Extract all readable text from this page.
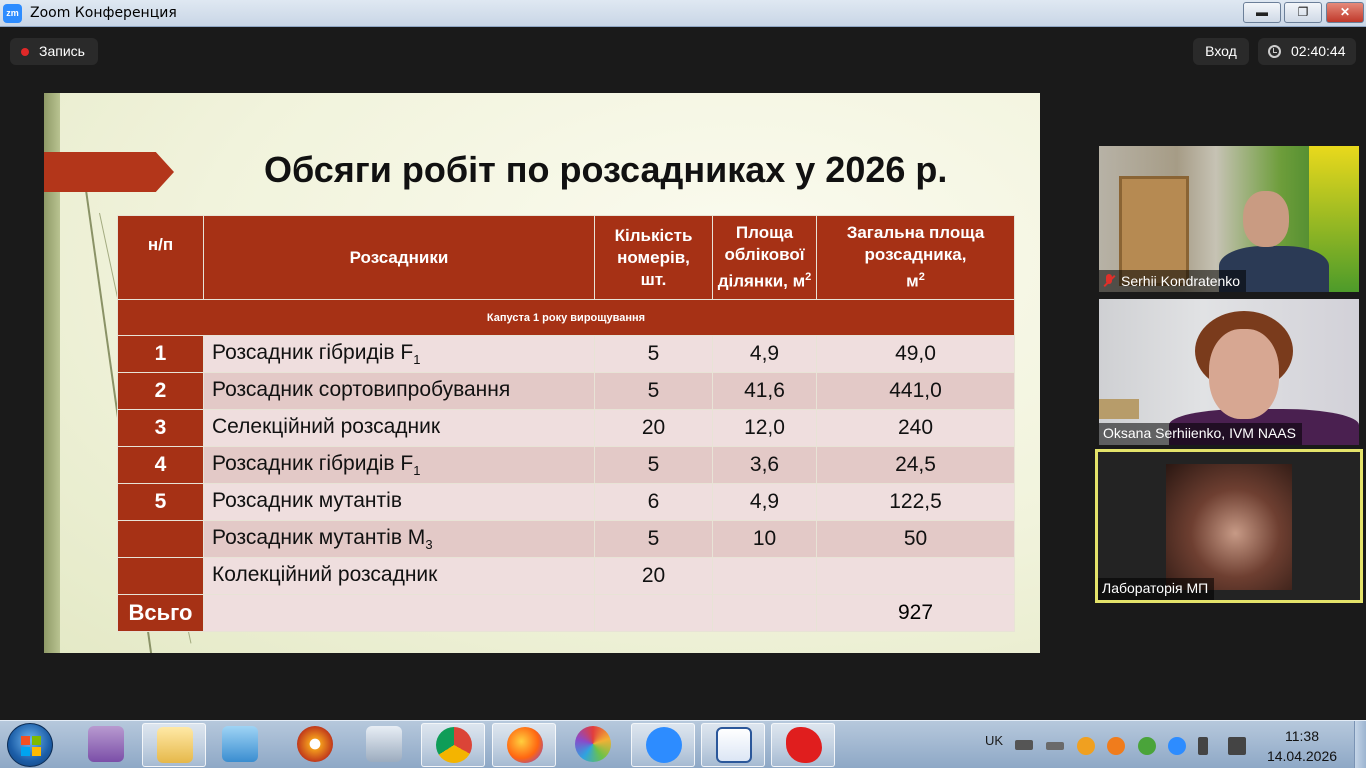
zm Zoom Конференция	▬	❐	✕
Запись	Вход	02:40:44
Обсяги робіт по розсадниках у 2026 р.
н/п	Розсадники	Кількість
номерів,
шт.	Площа
облікової
ділянки, $м^2$	Загальна площа
розсадника,
$м^2$
Капуста 1 року вирощування				
1	Розсадник гібридів $F_1$	5	4,9	49,0
2	Розсадник сортовипробування	5	41,6	441,0
3	Селекційний розсадник	20	12,0	240
4	Розсадник гібридів $F_1$	5	3,6	24,5
5	Розсадник мутантів	6	4,9	122,5
	Розсадник мутантів $М_3$	5	10	50
	Колекційний розсадник	20		
Всьго				927
Serhii Kondratenko
Oksana Serhiienko, IVM NAAS
Лабораторія МП
UK	11:38
14.04.2026
